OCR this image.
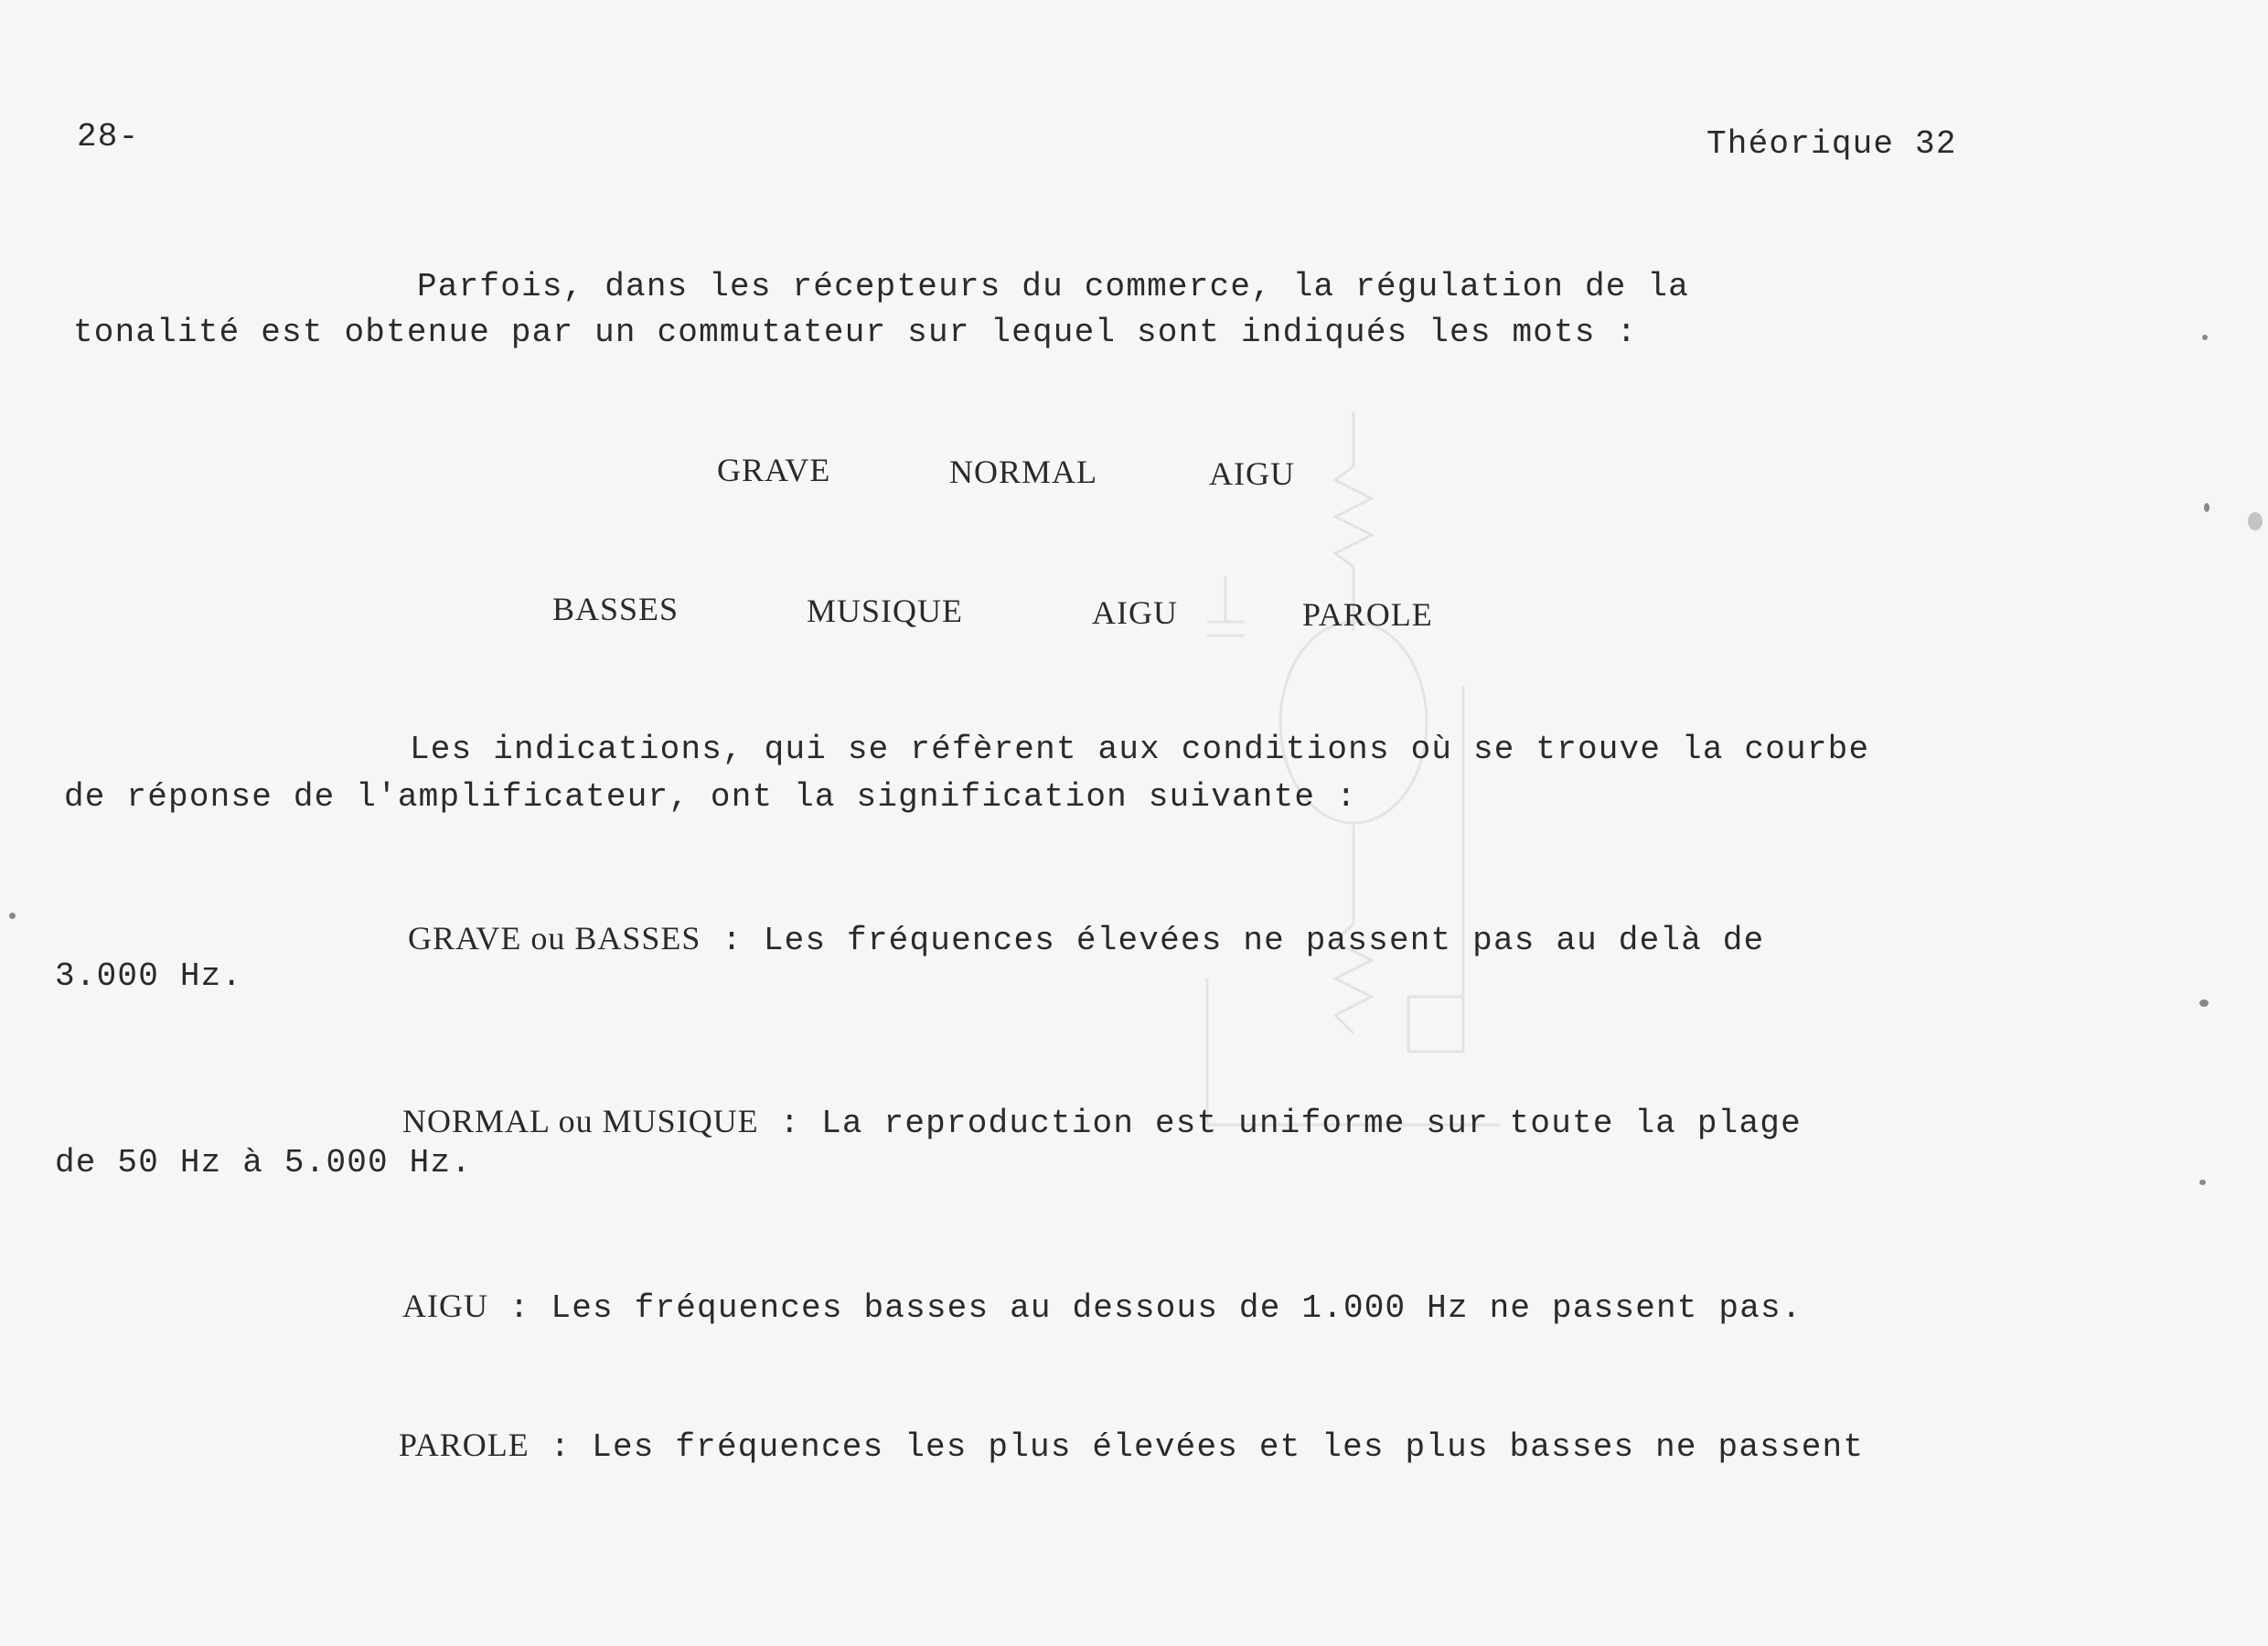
28-	Théorique 32
Parfois, dans les récepteurs du commerce, la régulation de la
tonalité est obtenue par un commutateur sur lequel sont indiqués les mots :
GRAVE	NORMAL	AIGU
BASSES	MUSIQUE	AIGU	PAROLE
Les indications, qui se réfèrent aux conditions où se trouve la courbe
de réponse de l'amplificateur, ont la signification suivante :
GRAVE ou BASSES : Les fréquences élevées ne passent pas au delà de
3.000 Hz.
NORMAL ou MUSIQUE : La reproduction est uniforme sur toute la plage
de 50 Hz à 5.000 Hz.
AIGU : Les fréquences basses au dessous de 1.000 Hz ne passent pas.
PAROLE : Les fréquences les plus élevées et les plus basses ne passent
